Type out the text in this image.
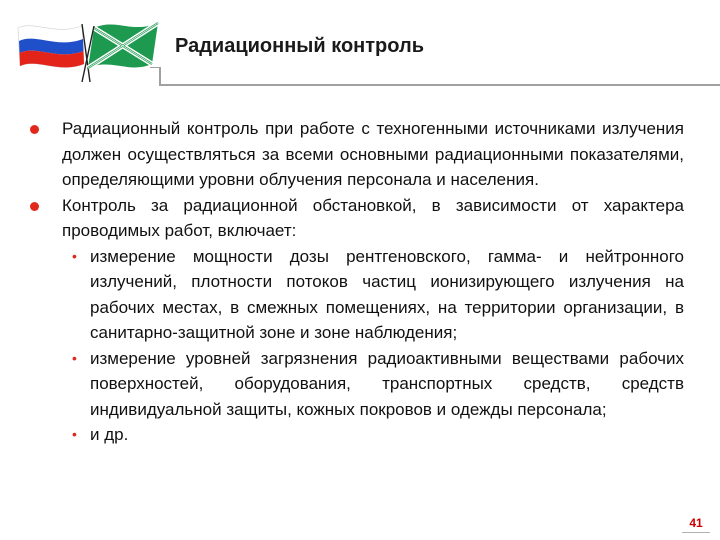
Радиационный контроль
Радиационный контроль при работе с техногенными источниками излучения должен осуществляться за всеми основными радиационными показателями, определяющими уровни облучения персонала и населения.
Контроль за радиационной обстановкой, в зависимости от характера проводимых работ, включает:
• измерение мощности дозы рентгеновского, гамма- и нейтронного излучений, плотности потоков частиц ионизирующего излучения на рабочих местах, в смежных помещениях, на территории организации, в санитарно-защитной зоне и зоне наблюдения;
• измерение уровней загрязнения радиоактивными веществами рабочих поверхностей, оборудования, транспортных средств, средств индивидуальной защиты, кожных покровов и одежды персонала;
• и др.
41
